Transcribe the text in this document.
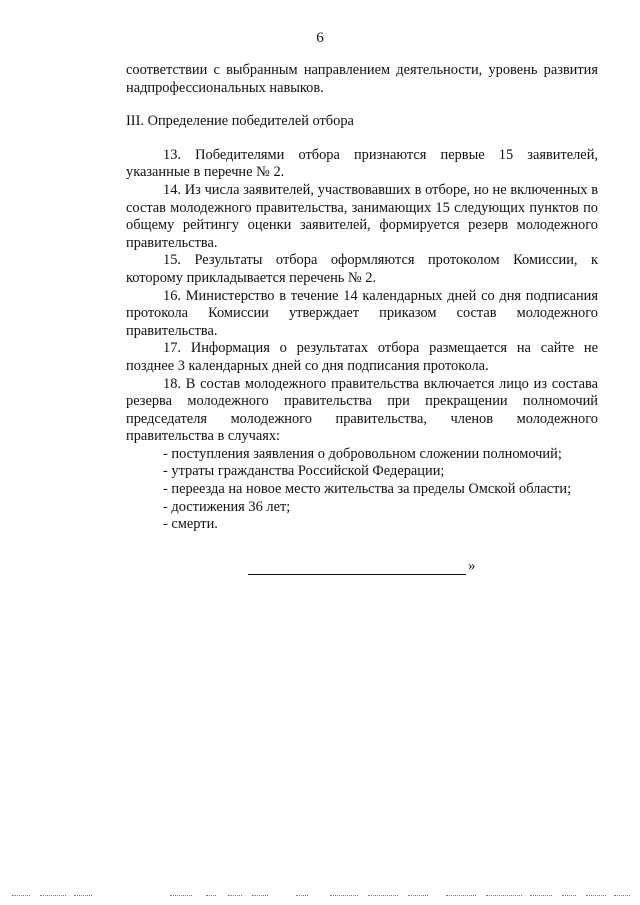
6

соответствии с выбранным направлением деятельности, уровень развития надпрофессиональных навыков.

III. Определение победителей отбора

13. Победителями отбора признаются первые 15 заявителей, указанные в перечне № 2.

14. Из числа заявителей, участвовавших в отборе, но не включенных в состав молодежного правительства, занимающих 15 следующих пунктов по общему рейтингу оценки заявителей, формируется резерв молодежного правительства.

15. Результаты отбора оформляются протоколом Комиссии, к которому прикладывается перечень № 2.

16. Министерство в течение 14 календарных дней со дня подписания протокола Комиссии утверждает приказом состав молодежного правительства.

17. Информация о результатах отбора размещается на сайте не позднее 3 календарных дней со дня подписания протокола.

18. В состав молодежного правительства включается лицо из состава резерва молодежного правительства при прекращении полномочий председателя молодежного правительства, членов молодежного правительства в случаях:

- поступления заявления о добровольном сложении полномочий;

- утраты гражданства Российской Федерации;

- переезда на новое место жительства за пределы Омской области;

- достижения 36 лет;

- смерти.

»
